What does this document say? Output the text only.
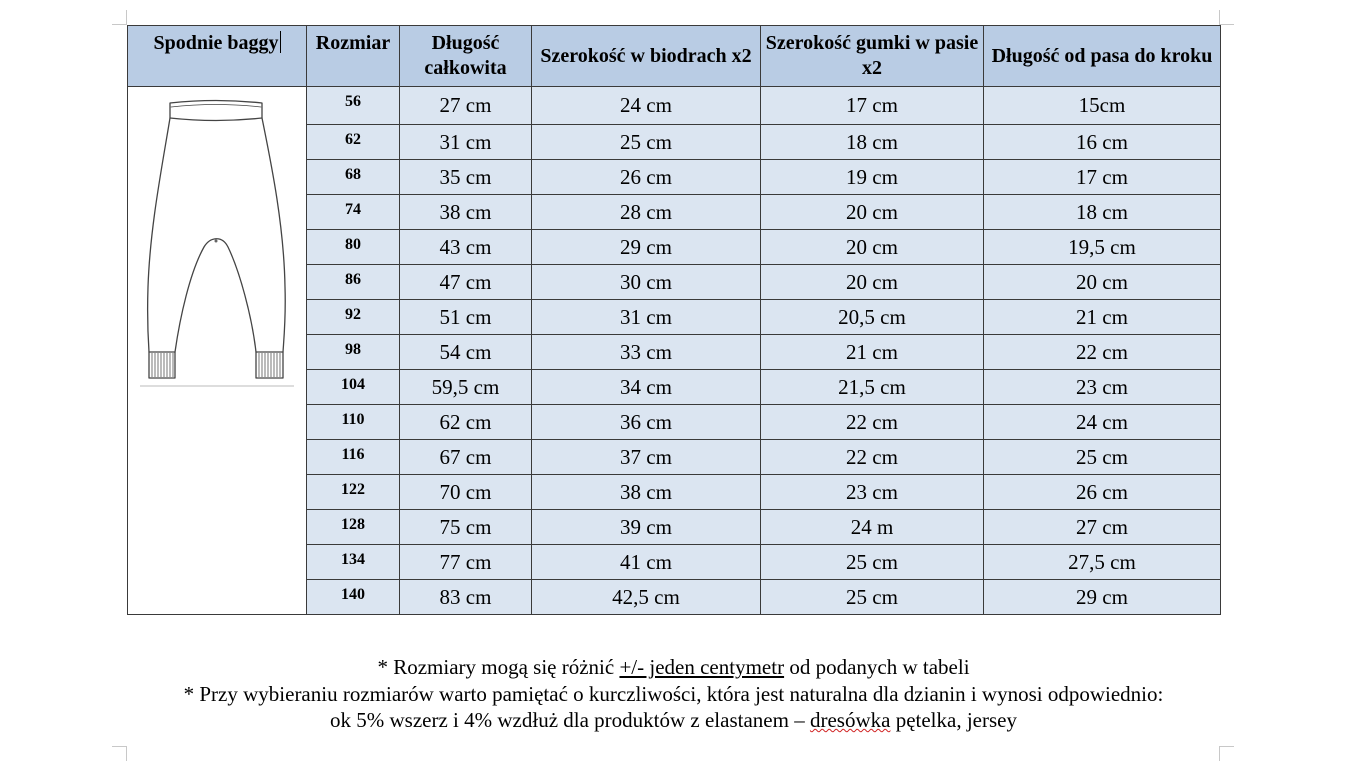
Spodnie baggy	Rozmiar	Długość całkowita	Szerokość w biodrach x2	Szerokość gumki w pasie x2	Długość od pasa do kroku

	56	27 cm	24 cm	17 cm	15cm
	62	31 cm	25 cm	18 cm	16 cm
	68	35 cm	26 cm	19 cm	17 cm
	74	38 cm	28 cm	20 cm	18 cm
	80	43 cm	29 cm	20 cm	19,5 cm
	86	47 cm	30 cm	20 cm	20 cm
	92	51 cm	31 cm	20,5 cm	21 cm
	98	54 cm	33 cm	21 cm	22 cm
	104	59,5 cm	34 cm	21,5 cm	23 cm
	110	62 cm	36 cm	22 cm	24 cm
	116	67 cm	37 cm	22 cm	25 cm
	122	70 cm	38 cm	23 cm	26 cm
	128	75 cm	39 cm	24 m	27 cm
	134	77 cm	41 cm	25 cm	27,5 cm
	140	83 cm	42,5 cm	25 cm	29 cm
* Rozmiary mogą się różnić +/- jeden centymetr od podanych w tabeli
* Przy wybieraniu rozmiarów warto pamiętać o kurczliwości, która jest naturalna dla dzianin i wynosi odpowiednio:
ok 5% wszerz i 4% wzdłuż dla produktów z elastanem – dresówka pętelka, jersey
